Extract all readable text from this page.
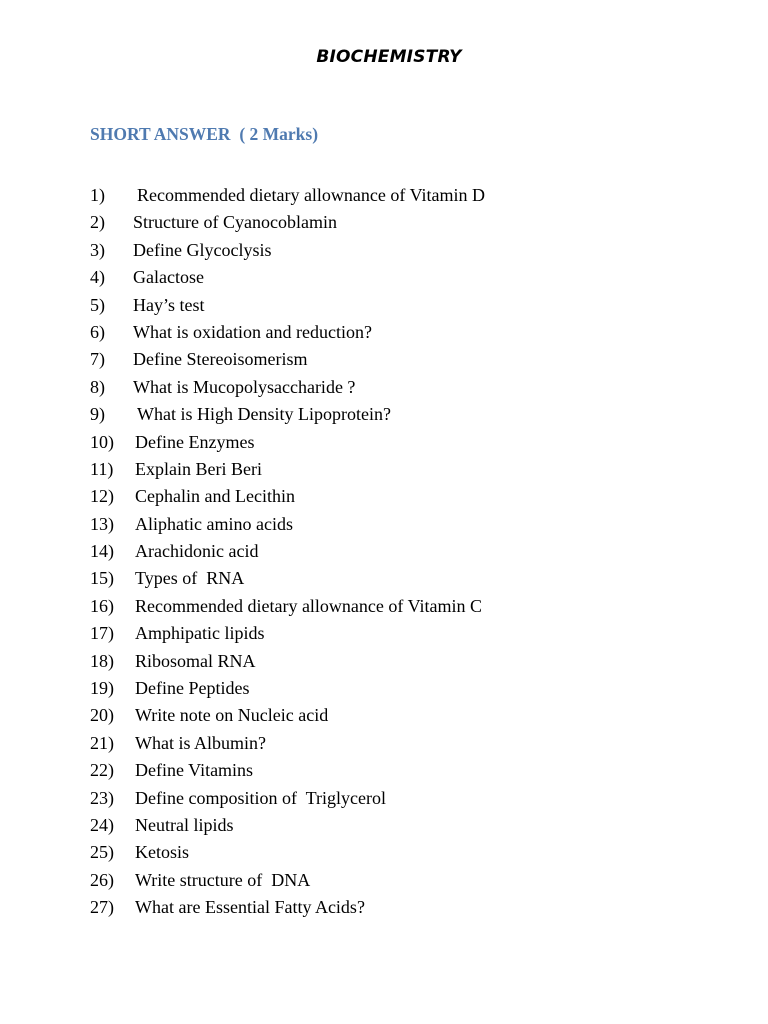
BIOCHEMISTRY
SHORT ANSWER  ( 2 Marks)
1) Recommended dietary allownance of Vitamin D
2) Structure of Cyanocoblamin
3) Define Glycoclysis
4) Galactose
5) Hay’s test
6) What is oxidation and reduction?
7) Define Stereoisomerism
8) What is Mucopolysaccharide ?
9) What is High Density Lipoprotein?
10) Define Enzymes
11) Explain Beri Beri
12) Cephalin and Lecithin
13) Aliphatic amino acids
14) Arachidonic acid
15) Types of  RNA
16) Recommended dietary allownance of Vitamin C
17) Amphipatic lipids
18) Ribosomal RNA
19) Define Peptides
20) Write note on Nucleic acid
21) What is Albumin?
22) Define Vitamins
23) Define composition of  Triglycerol
24) Neutral lipids
25) Ketosis
26) Write structure of  DNA
27) What are Essential Fatty Acids?
